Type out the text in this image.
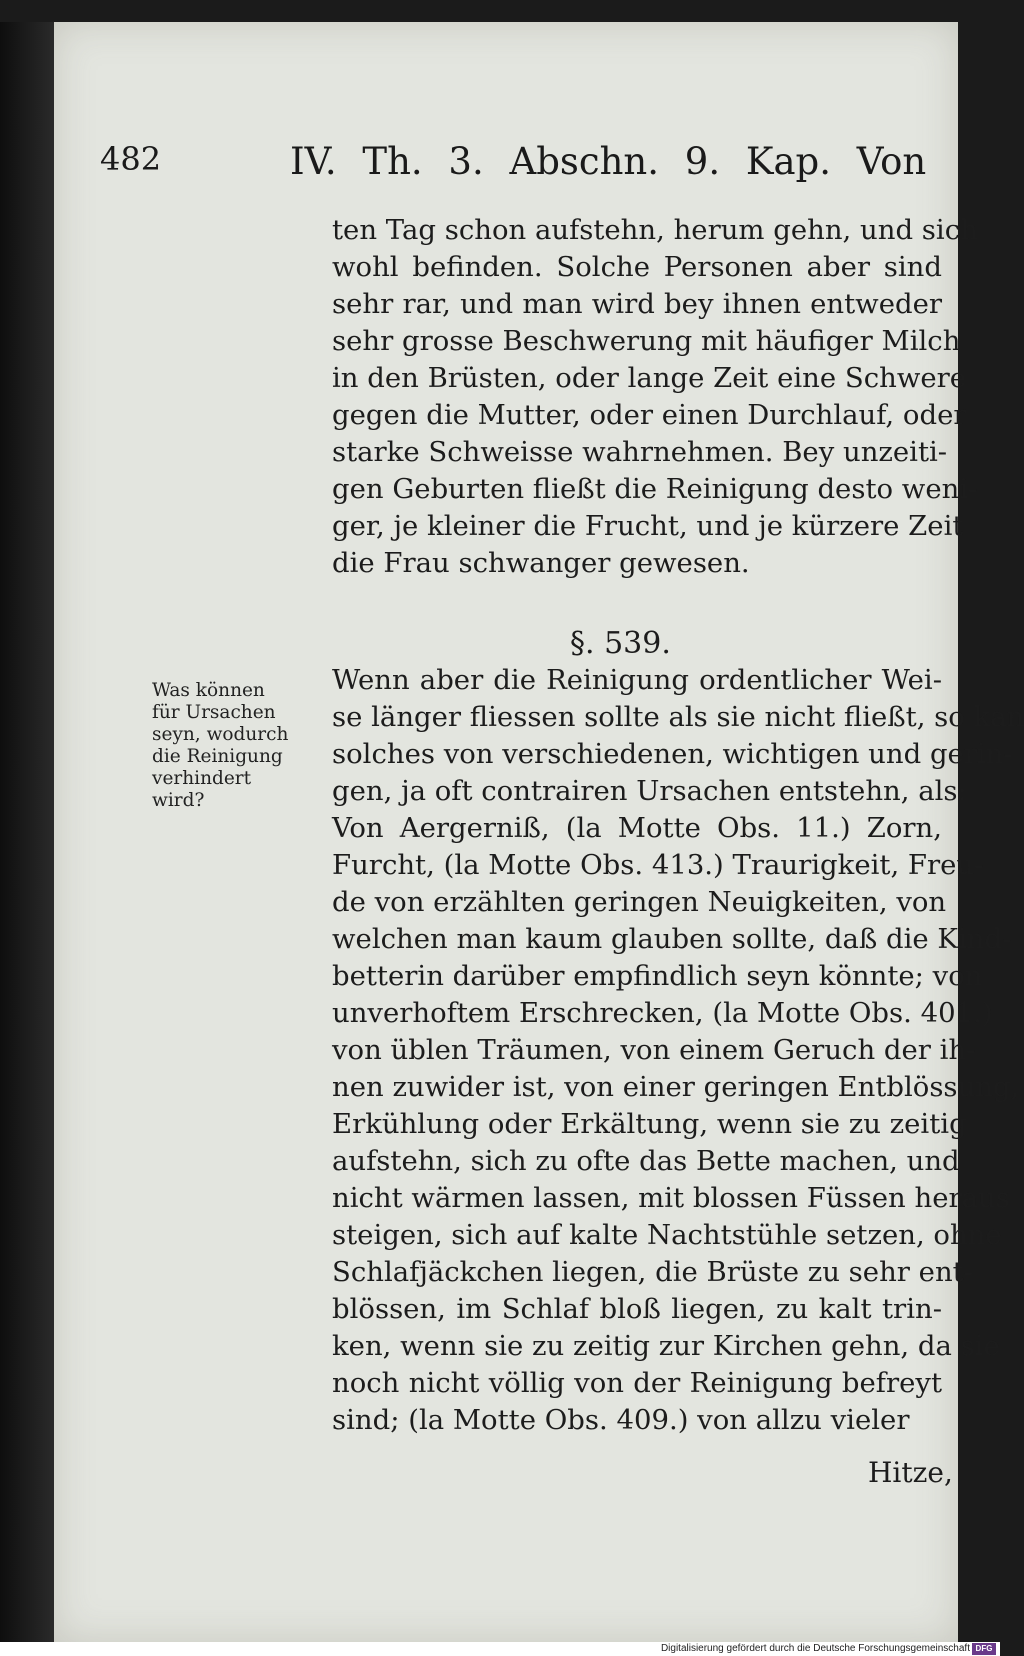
482	IV. Th. 3. Abschn. 9. Kap. Von
ten Tag schon aufstehn, herum gehn, und sich
wohl befinden. Solche Personen aber sind
sehr rar, und man wird bey ihnen entweder
sehr grosse Beschwerung mit häufiger Milch
in den Brüsten, oder lange Zeit eine Schwere
gegen die Mutter, oder einen Durchlauf, oder
starke Schweisse wahrnehmen. Bey unzeiti-
gen Geburten fließt die Reinigung desto weni-
ger, je kleiner die Frucht, und je kürzere Zeit
die Frau schwanger gewesen.
§. 539.
Was können
für Ursachen
seyn, wodurch
die Reinigung
verhindert
wird?
Wenn aber die Reinigung ordentlicher Wei-
se länger fliessen sollte als sie nicht fließt, so kan
solches von verschiedenen, wichtigen und gerin-
gen, ja oft contrairen Ursachen entstehn, als:
Von Aergerniß, (la Motte Obs. 11.) Zorn,
Furcht, (la Motte Obs. 413.) Traurigkeit, Freu-
de von erzählten geringen Neuigkeiten, von
welchen man kaum glauben sollte, daß die Kind-
betterin darüber empfindlich seyn könnte; von
unverhoftem Erschrecken, (la Motte Obs. 401.)
von üblen Träumen, von einem Geruch der ih-
nen zuwider ist, von einer geringen Entblössung,
Erkühlung oder Erkältung, wenn sie zu zeitig
aufstehn, sich zu ofte das Bette machen, und
nicht wärmen lassen, mit blossen Füssen heraus
steigen, sich auf kalte Nachtstühle setzen, ohne
Schlafjäckchen liegen, die Brüste zu sehr ent-
blössen, im Schlaf bloß liegen, zu kalt trin-
ken, wenn sie zu zeitig zur Kirchen gehn, da sie
noch nicht völlig von der Reinigung befreyt
sind; (la Motte Obs. 409.) von allzu vieler
Hitze,
Digitalisierung gefördert durch die Deutsche Forschungsgemeinschaft DFG
